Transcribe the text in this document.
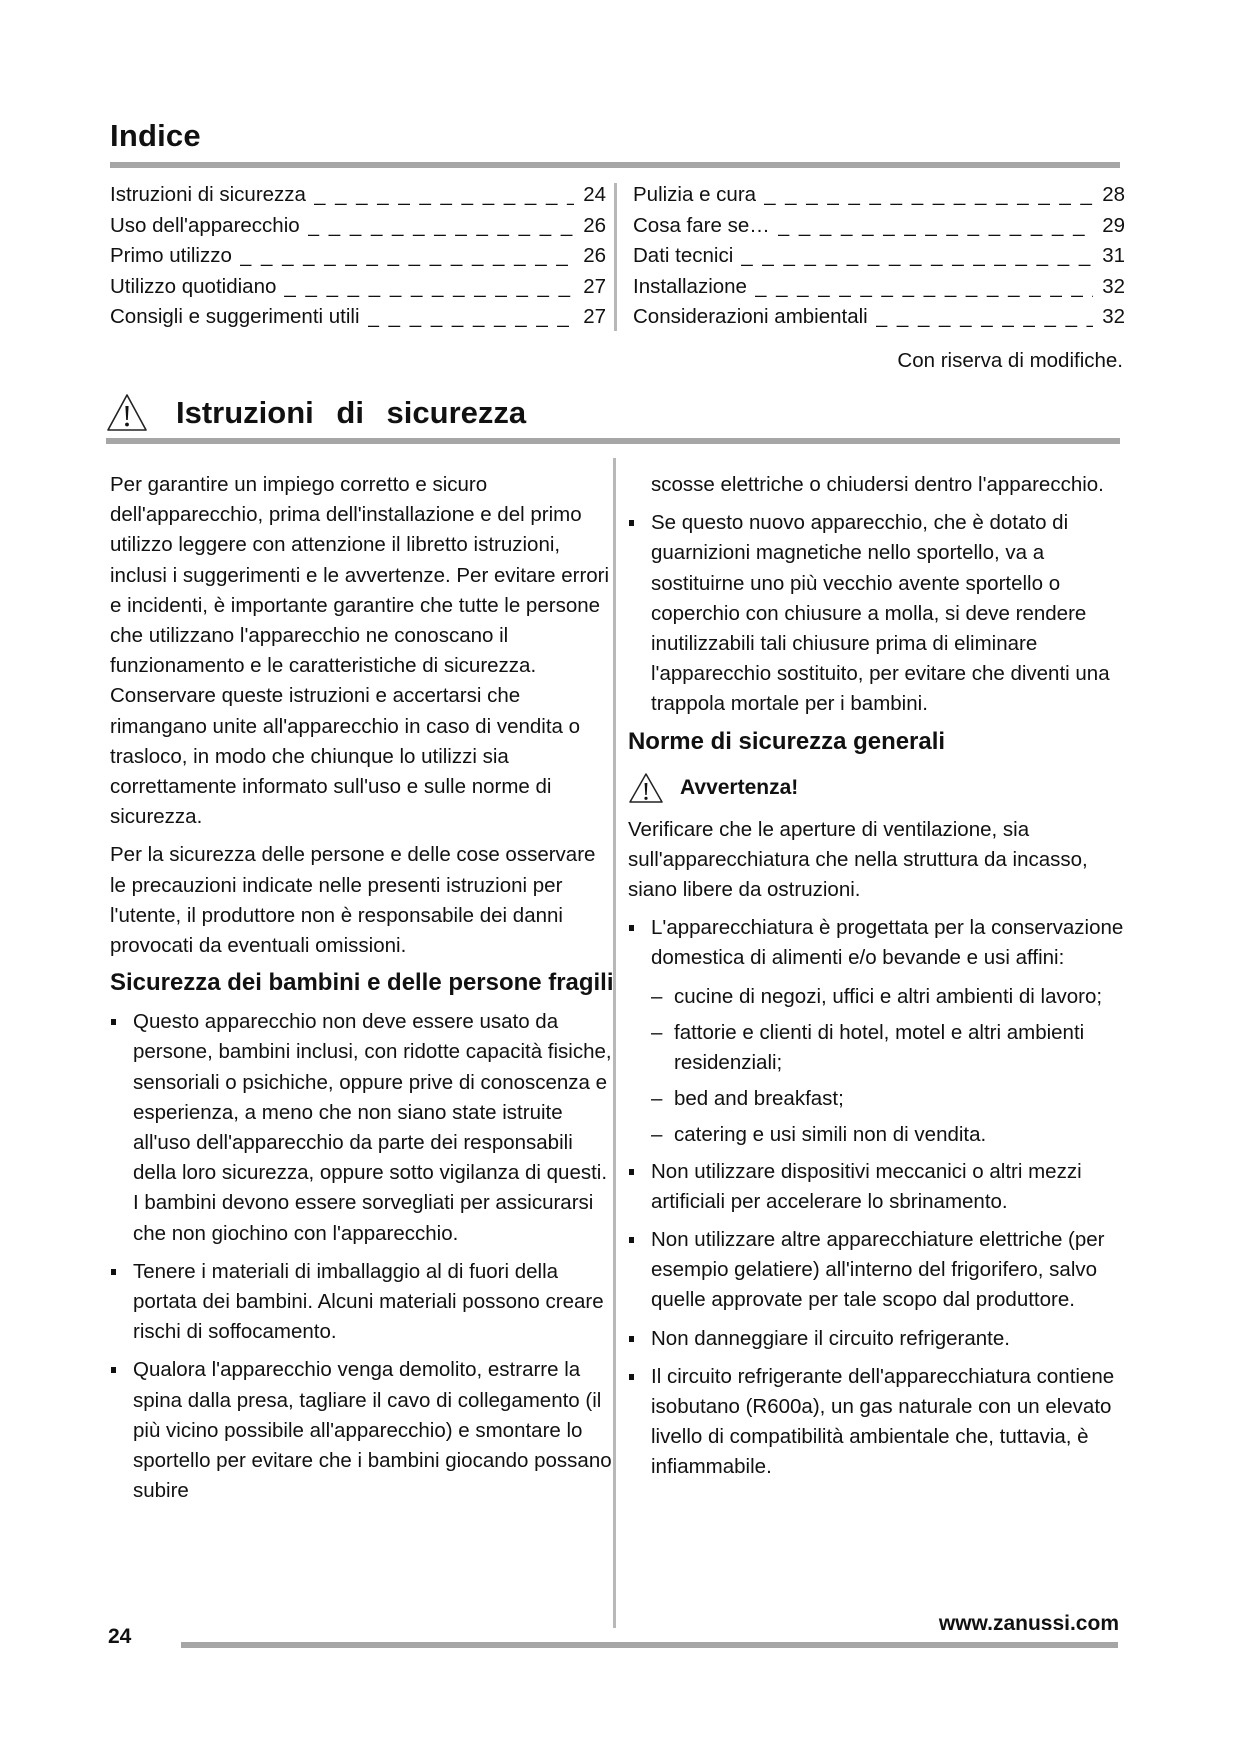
Indice
Istruzioni di sicurezza _ _ _	24
Uso dell'apparecchio _ _ _	26
Primo utilizzo _ _ _	26
Utilizzo quotidiano _ _ _	27
Consigli e suggerimenti utili _ _ _	27
Pulizia e cura _ _ _	28
Cosa fare se… _ _ _	29
Dati tecnici _ _ _	31
Installazione _ _ _	32
Considerazioni ambientali _ _ _	32
Con riserva di modifiche.
Istruzioni di sicurezza

Per garantire un impiego corretto e sicuro dell'apparecchio, prima dell'installazione e del primo utilizzo leggere con attenzione il libretto istruzioni, inclusi i suggerimenti e le avvertenze. Per evitare errori e incidenti, è importante garantire che tutte le persone che utilizzano l'apparecchio ne conoscano il funzionamento e le caratteristiche di sicurezza. Conservare queste istruzioni e accertarsi che rimangano unite all'apparecchio in caso di vendita o trasloco, in modo che chiunque lo utilizzi sia correttamente informato sull'uso e sulle norme di sicurezza.

Per la sicurezza delle persone e delle cose osservare le precauzioni indicate nelle presenti istruzioni per l'utente, il produttore non è responsabile dei danni provocati da eventuali omissioni.

Sicurezza dei bambini e delle persone fragili
Questo apparecchio non deve essere usato da persone, bambini inclusi, con ridotte capacità fisiche, sensoriali o psichiche, oppure prive di conoscenza e esperienza, a meno che non siano state istruite all'uso dell'apparecchio da parte dei responsabili della loro sicurezza, oppure sotto vigilanza di questi.
I bambini devono essere sorvegliati per assicurarsi che non giochino con l'apparecchio.
Tenere i materiali di imballaggio al di fuori della portata dei bambini. Alcuni materiali possono creare rischi di soffocamento.
Qualora l'apparecchio venga demolito, estrarre la spina dalla presa, tagliare il cavo di collegamento (il più vicino possibile all'apparecchio) e smontare lo sportello per evitare che i bambini giocando possano subire

scosse elettriche o chiudersi dentro l'apparecchio.

Se questo nuovo apparecchio, che è dotato di guarnizioni magnetiche nello sportello, va a sostituirne uno più vecchio avente sportello o coperchio con chiusure a molla, si deve rendere inutilizzabili tali chiusure prima di eliminare l'apparecchio sostituito, per evitare che diventi una trappola mortale per i bambini.
Norme di sicurezza generali
Avvertenza!

Verificare che le aperture di ventilazione, sia sull'apparecchiatura che nella struttura da incasso, siano libere da ostruzioni.

L'apparecchiatura è progettata per la conservazione domestica di alimenti e/o bevande e usi affini:
– cucine di negozi, uffici e altri ambienti di lavoro;
– fattorie e clienti di hotel, motel e altri ambienti residenziali;
– bed and breakfast;
– catering e usi simili non di vendita.
Non utilizzare dispositivi meccanici o altri mezzi artificiali per accelerare lo sbrinamento.
Non utilizzare altre apparecchiature elettriche (per esempio gelatiere) all'interno del frigorifero, salvo quelle approvate per tale scopo dal produttore.
Non danneggiare il circuito refrigerante.
Il circuito refrigerante dell'apparecchiatura contiene isobutano (R600a), un gas naturale con un elevato livello di compatibilità ambientale che, tuttavia, è infiammabile.
24
www.zanussi.com
